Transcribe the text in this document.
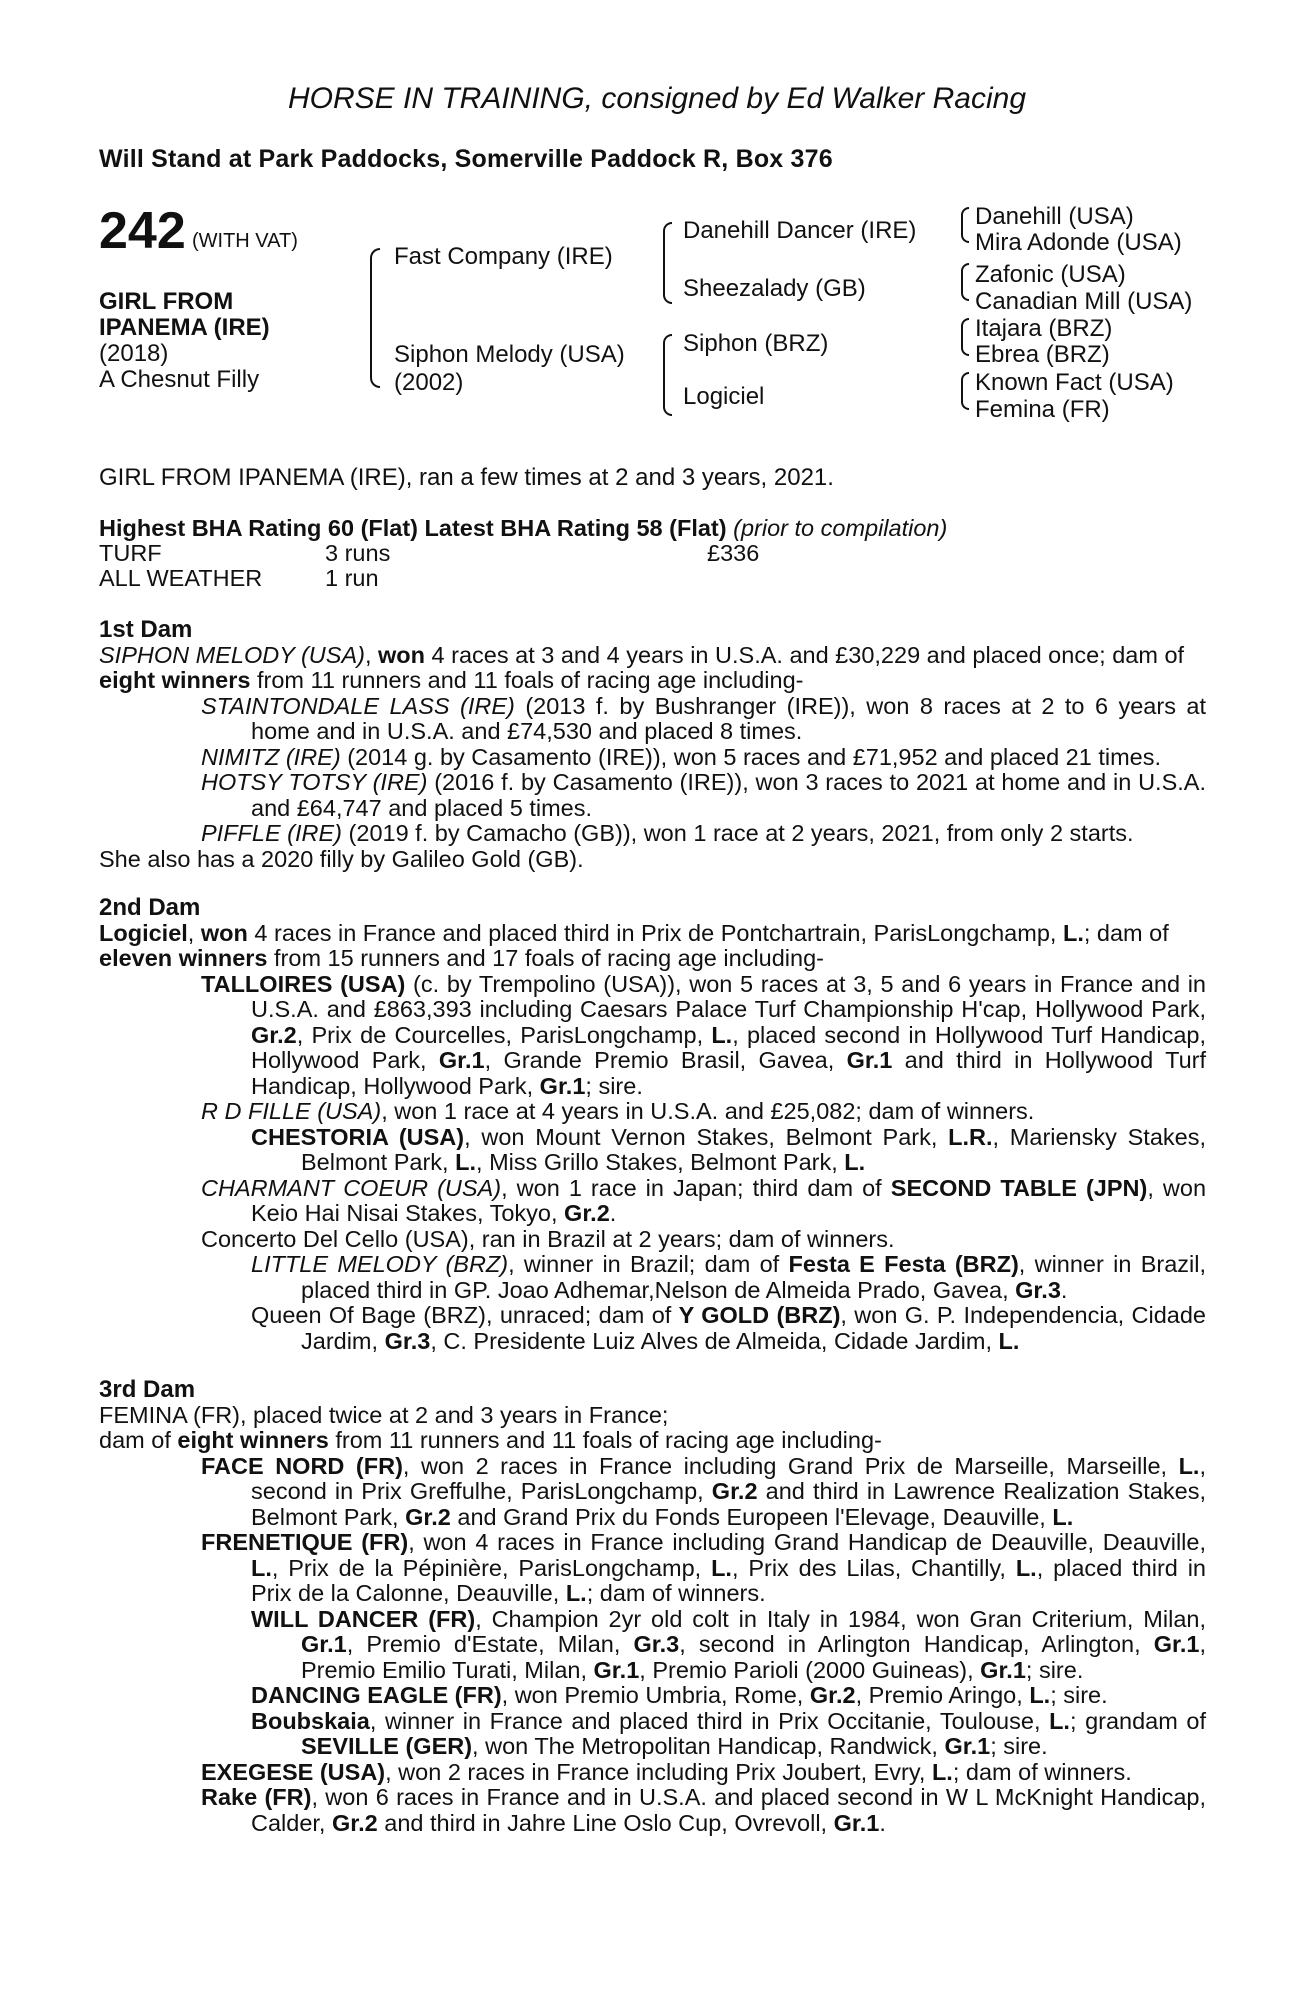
HORSE IN TRAINING, consigned by Ed Walker Racing
Will Stand at Park Paddocks, Somerville Paddock R, Box 376
242 (WITH VAT)
GIRL FROM
IPANEMA (IRE)
(2018)
A Chesnut Filly
Fast Company (IRE)
Siphon Melody (USA)
(2002)
Danehill Dancer (IRE)
Sheezalady (GB)
Siphon (BRZ)
Logiciel
Danehill (USA)
Mira Adonde (USA)
Zafonic (USA)
Canadian Mill (USA)
Itajara (BRZ)
Ebrea (BRZ)
Known Fact (USA)
Femina (FR)
GIRL FROM IPANEMA (IRE), ran a few times at 2 and 3 years, 2021.
Highest BHA Rating 60 (Flat) Latest BHA Rating 58 (Flat) (prior to compilation)
TURF	3 runs	£336
ALL WEATHER	1 run

1st Dam

SIPHON MELODY (USA), won 4 races at 3 and 4 years in U.S.A. and £30,229 and placed once; dam of eight winners from 11 runners and 11 foals of racing age including-

STAINTONDALE LASS (IRE) (2013 f. by Bushranger (IRE)), won 8 races at 2 to 6 years at home and in U.S.A. and £74,530 and placed 8 times.

NIMITZ (IRE) (2014 g. by Casamento (IRE)), won 5 races and £71,952 and placed 21 times.

HOTSY TOTSY (IRE) (2016 f. by Casamento (IRE)), won 3 races to 2021 at home and in U.S.A. and £64,747 and placed 5 times.

PIFFLE (IRE) (2019 f. by Camacho (GB)), won 1 race at 2 years, 2021, from only 2 starts.

She also has a 2020 filly by Galileo Gold (GB).

2nd Dam

Logiciel, won 4 races in France and placed third in Prix de Pontchartrain, ParisLongchamp, L.; dam of eleven winners from 15 runners and 17 foals of racing age including-

TALLOIRES (USA) (c. by Trempolino (USA)), won 5 races at 3, 5 and 6 years in France and in U.S.A. and £863,393 including Caesars Palace Turf Championship H'cap, Hollywood Park, Gr.2, Prix de Courcelles, ParisLongchamp, L., placed second in Hollywood Turf Handicap, Hollywood Park, Gr.1, Grande Premio Brasil, Gavea, Gr.1 and third in Hollywood Turf Handicap, Hollywood Park, Gr.1; sire.

R D FILLE (USA), won 1 race at 4 years in U.S.A. and £25,082; dam of winners.

CHESTORIA (USA), won Mount Vernon Stakes, Belmont Park, L.R., Mariensky Stakes, Belmont Park, L., Miss Grillo Stakes, Belmont Park, L.

CHARMANT COEUR (USA), won 1 race in Japan; third dam of SECOND TABLE (JPN), won Keio Hai Nisai Stakes, Tokyo, Gr.2.

Concerto Del Cello (USA), ran in Brazil at 2 years; dam of winners.

LITTLE MELODY (BRZ), winner in Brazil; dam of Festa E Festa (BRZ), winner in Brazil, placed third in GP. Joao Adhemar,Nelson de Almeida Prado, Gavea, Gr.3.

Queen Of Bage (BRZ), unraced; dam of Y GOLD (BRZ), won G. P. Independencia, Cidade Jardim, Gr.3, C. Presidente Luiz Alves de Almeida, Cidade Jardim, L.

3rd Dam

FEMINA (FR), placed twice at 2 and 3 years in France;
dam of eight winners from 11 runners and 11 foals of racing age including-

FACE NORD (FR), won 2 races in France including Grand Prix de Marseille, Marseille, L., second in Prix Greffulhe, ParisLongchamp, Gr.2 and third in Lawrence Realization Stakes, Belmont Park, Gr.2 and Grand Prix du Fonds Europeen l'Elevage, Deauville, L.

FRENETIQUE (FR), won 4 races in France including Grand Handicap de Deauville, Deauville, L., Prix de la Pépinière, ParisLongchamp, L., Prix des Lilas, Chantilly, L., placed third in Prix de la Calonne, Deauville, L.; dam of winners.

WILL DANCER (FR), Champion 2yr old colt in Italy in 1984, won Gran Criterium, Milan, Gr.1, Premio d'Estate, Milan, Gr.3, second in Arlington Handicap, Arlington, Gr.1, Premio Emilio Turati, Milan, Gr.1, Premio Parioli (2000 Guineas), Gr.1; sire.

DANCING EAGLE (FR), won Premio Umbria, Rome, Gr.2, Premio Aringo, L.; sire.

Boubskaia, winner in France and placed third in Prix Occitanie, Toulouse, L.; grandam of SEVILLE (GER), won The Metropolitan Handicap, Randwick, Gr.1; sire.

EXEGESE (USA), won 2 races in France including Prix Joubert, Evry, L.; dam of winners.

Rake (FR), won 6 races in France and in U.S.A. and placed second in W L McKnight Handicap, Calder, Gr.2 and third in Jahre Line Oslo Cup, Ovrevoll, Gr.1.
